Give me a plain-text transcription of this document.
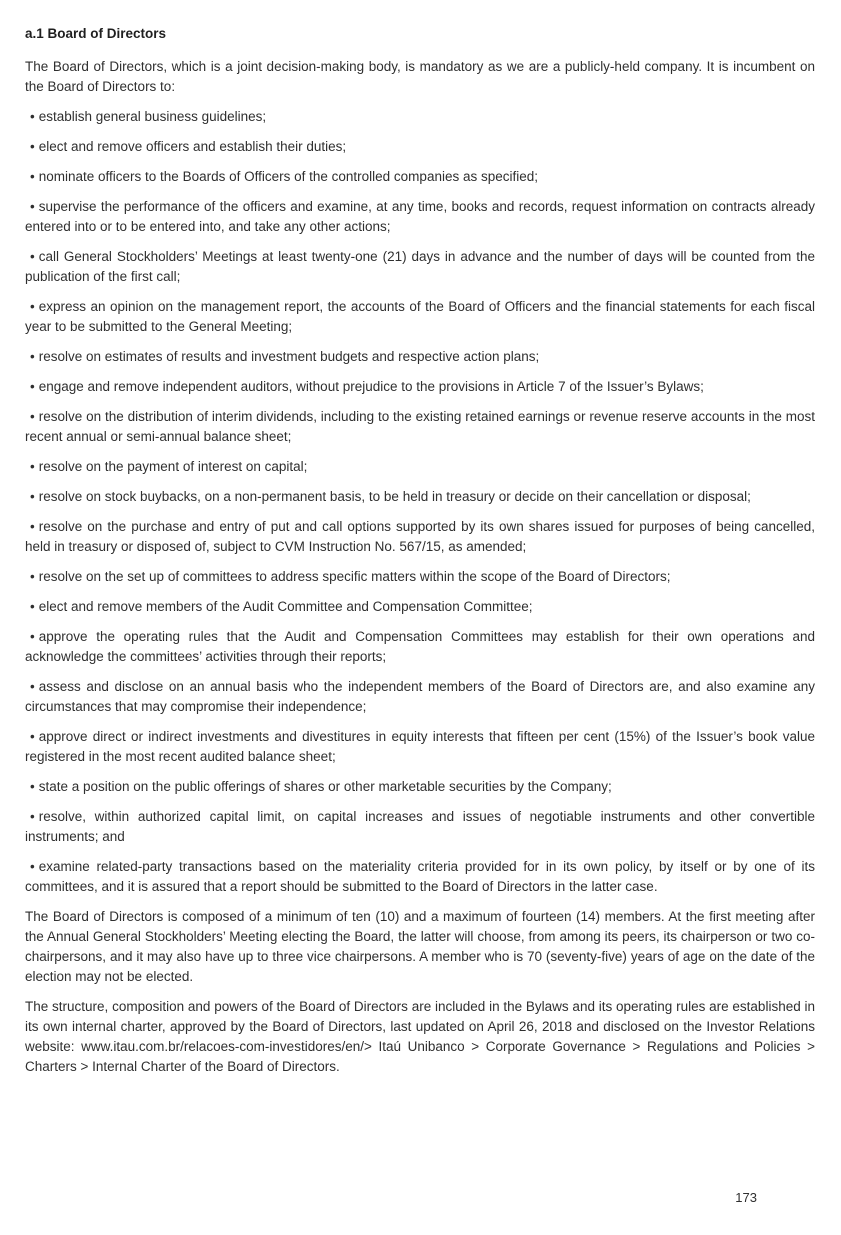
a.1 Board of Directors

The Board of Directors, which is a joint decision-making body, is mandatory as we are a publicly-held company. It is incumbent on the Board of Directors to:

• establish general business guidelines;

• elect and remove officers and establish their duties;

• nominate officers to the Boards of Officers of the controlled companies as specified;

• supervise the performance of the officers and examine, at any time, books and records, request information on contracts already entered into or to be entered into, and take any other actions;

• call General Stockholders’ Meetings at least twenty-one (21) days in advance and the number of days will be counted from the publication of the first call;

• express an opinion on the management report, the accounts of the Board of Officers and the financial statements for each fiscal year to be submitted to the General Meeting;

• resolve on estimates of results and investment budgets and respective action plans;

• engage and remove independent auditors, without prejudice to the provisions in Article 7 of the Issuer’s Bylaws;

• resolve on the distribution of interim dividends, including to the existing retained earnings or revenue reserve accounts in the most recent annual or semi-annual balance sheet;

• resolve on the payment of interest on capital;

• resolve on stock buybacks, on a non-permanent basis, to be held in treasury or decide on their cancellation or disposal;

• resolve on the purchase and entry of put and call options supported by its own shares issued for purposes of being cancelled, held in treasury or disposed of, subject to CVM Instruction No. 567/15, as amended;

• resolve on the set up of committees to address specific matters within the scope of the Board of Directors;

• elect and remove members of the Audit Committee and Compensation Committee;

• approve the operating rules that the Audit and Compensation Committees may establish for their own operations and acknowledge the committees’ activities through their reports;

• assess and disclose on an annual basis who the independent members of the Board of Directors are, and also examine any circumstances that may compromise their independence;

• approve direct or indirect investments and divestitures in equity interests that fifteen per cent (15%) of the Issuer’s book value registered in the most recent audited balance sheet;

• state a position on the public offerings of shares or other marketable securities by the Company;

• resolve, within authorized capital limit, on capital increases and issues of negotiable instruments and other convertible instruments; and

• examine related-party transactions based on the materiality criteria provided for in its own policy, by itself or by one of its committees, and it is assured that a report should be submitted to the Board of Directors in the latter case.

The Board of Directors is composed of a minimum of ten (10) and a maximum of fourteen (14) members. At the first meeting after the Annual General Stockholders’ Meeting electing the Board, the latter will choose, from among its peers, its chairperson or two co-chairpersons, and it may also have up to three vice chairpersons. A member who is 70 (seventy-five) years of age on the date of the election may not be elected.

The structure, composition and powers of the Board of Directors are included in the Bylaws and its operating rules are established in its own internal charter, approved by the Board of Directors, last updated on April 26, 2018 and disclosed on the Investor Relations website: www.itau.com.br/relacoes-com-investidores/en/> Itaú Unibanco > Corporate Governance > Regulations and Policies > Charters > Internal Charter of the Board of Directors.

173
